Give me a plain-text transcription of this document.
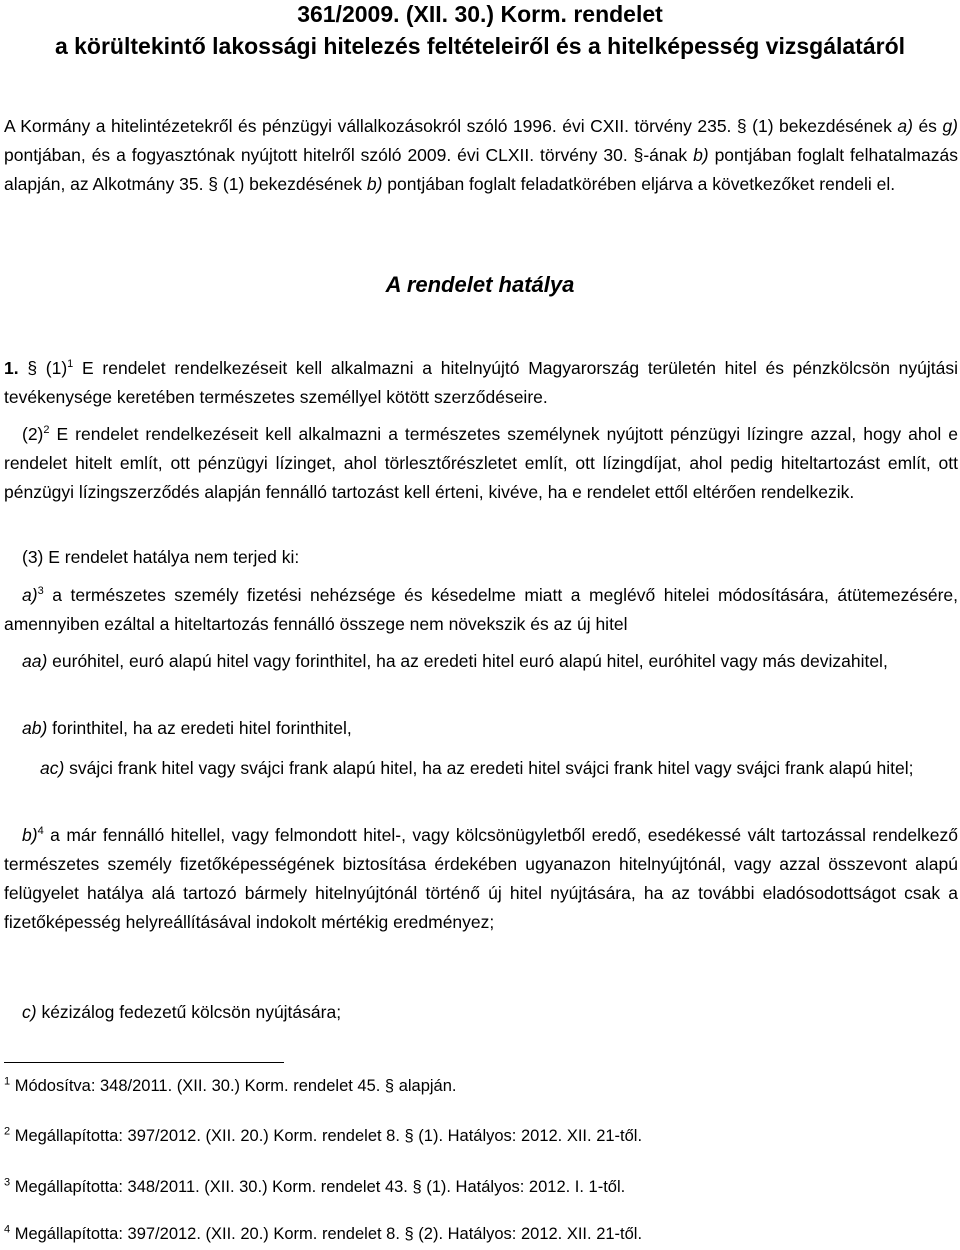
361/2009. (XII. 30.) Korm. rendelet
a körültekintő lakossági hitelezés feltételeiről és a hitelképesség vizsgálatáról

A Kormány a hitelintézetekről és pénzügyi vállalkozásokról szóló 1996. évi CXII. törvény 235. § (1) bekezdésének a) és g) pontjában, és a fogyasztónak nyújtott hitelről szóló 2009. évi CLXII. törvény 30. §-ának b) pontjában foglalt felhatalmazás alapján, az Alkotmány 35. § (1) bekezdésének b) pontjában foglalt feladatkörében eljárva a következőket rendeli el.

A rendelet hatálya

1. § $(1)^1$ E rendelet rendelkezéseit kell alkalmazni a hitelnyújtó Magyarország területén hitel és pénzkölcsön nyújtási tevékenysége keretében természetes személlyel kötött szerződéseire.

$(2)^2$ E rendelet rendelkezéseit kell alkalmazni a természetes személynek nyújtott pénzügyi lízingre azzal, hogy ahol e rendelet hitelt említ, ott pénzügyi lízinget, ahol törlesztőrészletet említ, ott lízingdíjat, ahol pedig hiteltartozást említ, ott pénzügyi lízingszerződés alapján fennálló tartozást kell érteni, kivéve, ha e rendelet ettől eltérően rendelkezik.

(3) E rendelet hatálya nem terjed ki:

a)$^3$ a természetes személy fizetési nehézsége és késedelme miatt a meglévő hitelei módosítására, átütemezésére, amennyiben ezáltal a hiteltartozás fennálló összege nem növekszik és az új hitel

aa) euróhitel, euró alapú hitel vagy forinthitel, ha az eredeti hitel euró alapú hitel, euróhitel vagy más devizahitel,

ab) forinthitel, ha az eredeti hitel forinthitel,

ac) svájci frank hitel vagy svájci frank alapú hitel, ha az eredeti hitel svájci frank hitel vagy svájci frank alapú hitel;

b)$^4$ a már fennálló hitellel, vagy felmondott hitel-, vagy kölcsönügyletből eredő, esedékessé vált tartozással rendelkező természetes személy fizetőképességének biztosítása érdekében ugyanazon hitelnyújtónál, vagy azzal összevont alapú felügyelet hatálya alá tartozó bármely hitelnyújtónál történő új hitel nyújtására, ha az további eladósodottságot csak a fizetőképesség helyreállításával indokolt mértékig eredményez;

c) kézizálog fedezetű kölcsön nyújtására;

$^1$ Módosítva: 348/2011. (XII. 30.) Korm. rendelet 45. § alapján.

$^2$ Megállapította: 397/2012. (XII. 20.) Korm. rendelet 8. § (1). Hatályos: 2012. XII. 21-től.

$^3$ Megállapította: 348/2011. (XII. 30.) Korm. rendelet 43. § (1). Hatályos: 2012. I. 1-től.

$^4$ Megállapította: 397/2012. (XII. 20.) Korm. rendelet 8. § (2). Hatályos: 2012. XII. 21-től.
